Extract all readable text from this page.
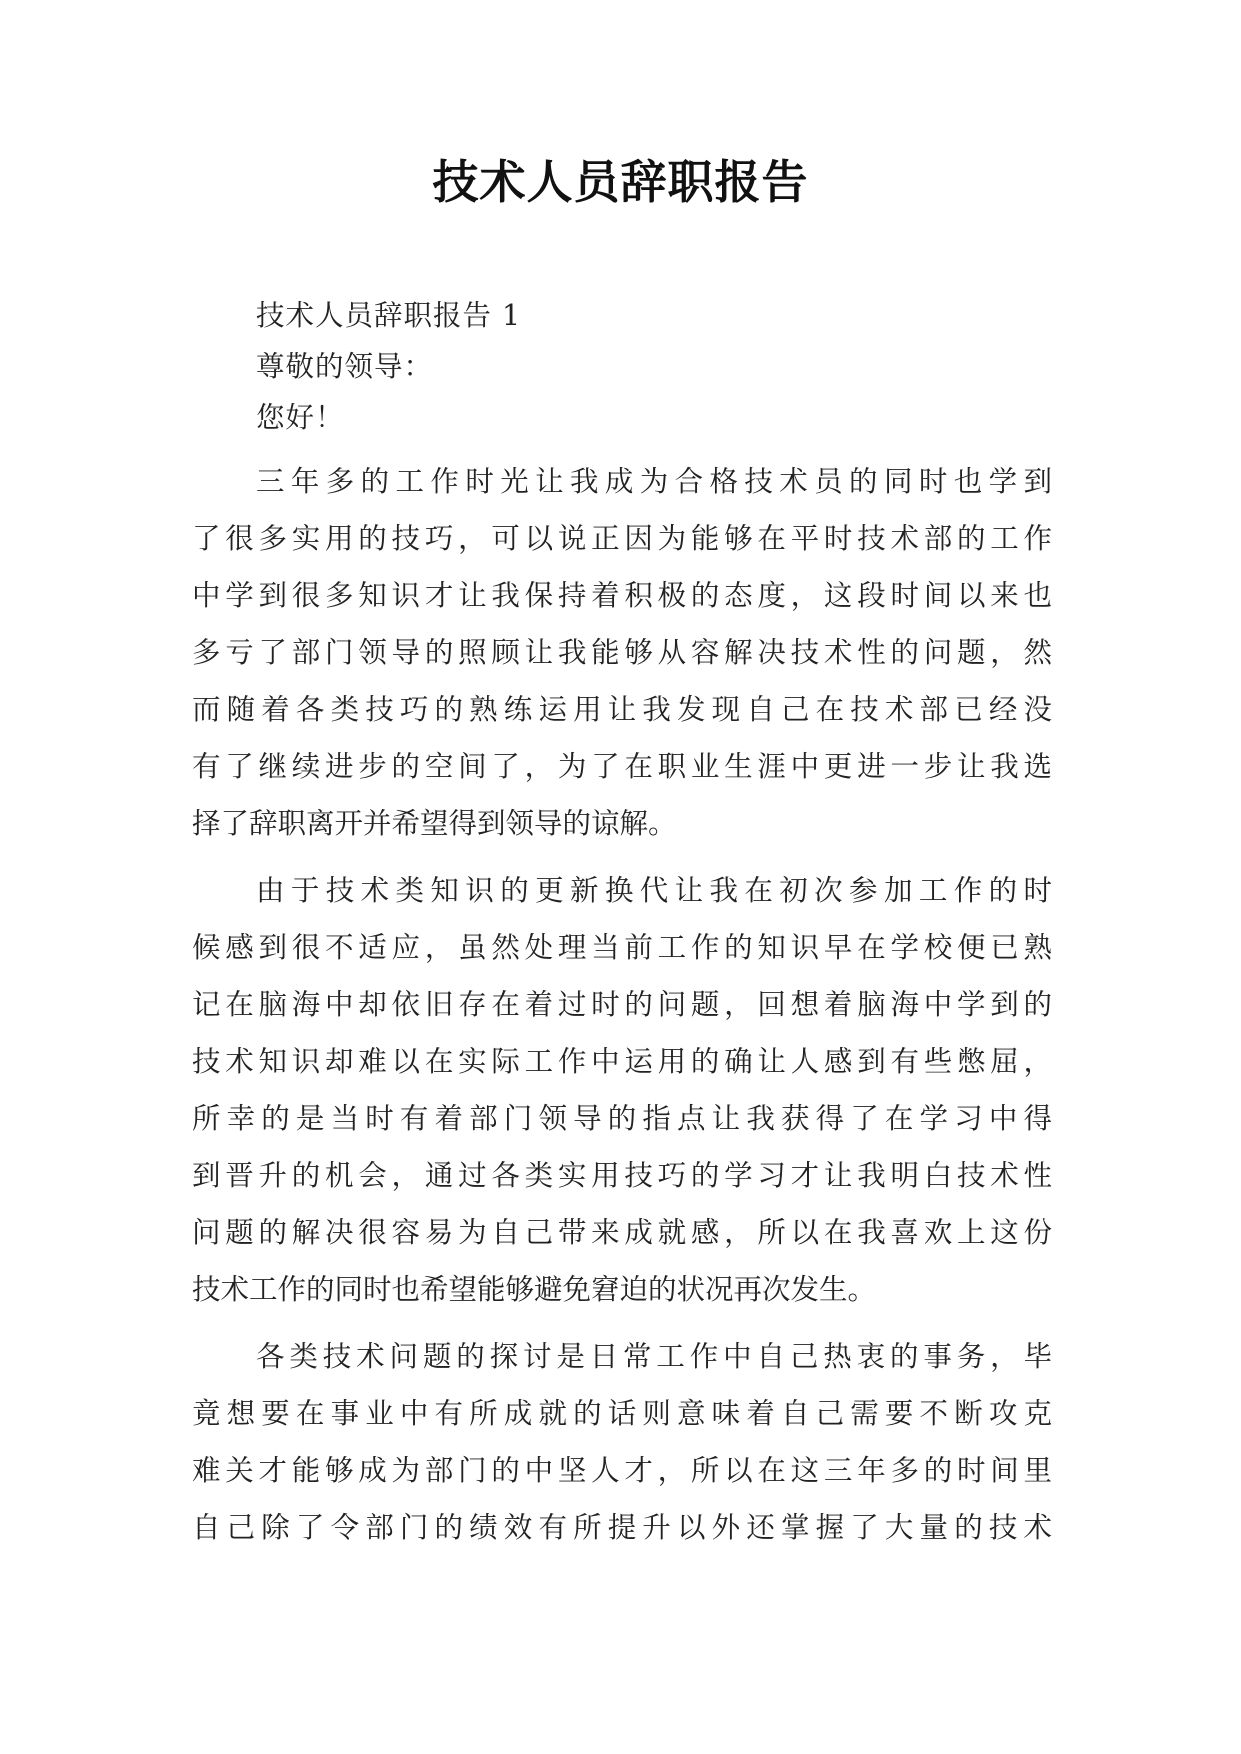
技术人员辞职报告

技术人员辞职报告 1

尊敬的领导：

您好！

三年多的工作时光让我成为合格技术员的同时也学到
了很多实用的技巧，可以说正因为能够在平时技术部的工作
中学到很多知识才让我保持着积极的态度，这段时间以来也
多亏了部门领导的照顾让我能够从容解决技术性的问题，然
而随着各类技巧的熟练运用让我发现自己在技术部已经没
有了继续进步的空间了，为了在职业生涯中更进一步让我选
择了辞职离开并希望得到领导的谅解。
由于技术类知识的更新换代让我在初次参加工作的时
候感到很不适应，虽然处理当前工作的知识早在学校便已熟
记在脑海中却依旧存在着过时的问题，回想着脑海中学到的
技术知识却难以在实际工作中运用的确让人感到有些憋屈，
所幸的是当时有着部门领导的指点让我获得了在学习中得
到晋升的机会，通过各类实用技巧的学习才让我明白技术性
问题的解决很容易为自己带来成就感，所以在我喜欢上这份
技术工作的同时也希望能够避免窘迫的状况再次发生。
各类技术问题的探讨是日常工作中自己热衷的事务，毕
竟想要在事业中有所成就的话则意味着自己需要不断攻克
难关才能够成为部门的中坚人才，所以在这三年多的时间里
自己除了令部门的绩效有所提升以外还掌握了大量的技术
